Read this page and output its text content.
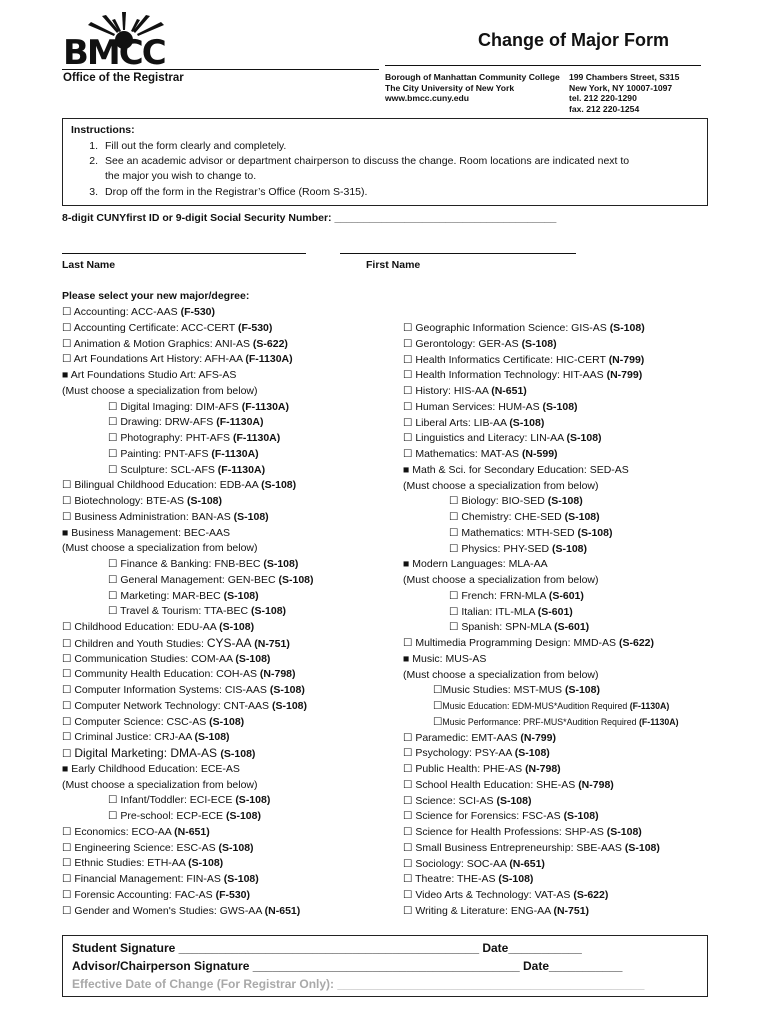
BMCC
Office of the Registrar
Change of Major Form
Borough of Manhattan Community College
The City University of New York
www.bmcc.cuny.edu
199 Chambers Street, S315
New York, NY 10007-1097
tel. 212 220-1290
fax. 212 220-1254
Instructions:
1. Fill out the form clearly and completely.
2. See an academic advisor or department chairperson to discuss the change. Room locations are indicated next to
the major you wish to change to.
3. Drop off the form in the Registrar’s Office (Room S-315).
8-digit CUNYfirst ID or 9-digit Social Security Number: ______________________________________
Last Name	First Name
Please select your new major/degree:
☐ Accounting: ACC-AAS (F-530)
☐ Accounting Certificate: ACC-CERT (F-530)
☐ Animation & Motion Graphics: ANI-AS (S-622)
☐ Art Foundations Art History: AFH-AA (F-1130A)
■ Art Foundations Studio Art: AFS-AS
(Must choose a specialization from below)
☐ Digital Imaging: DIM-AFS (F-1130A)
☐ Drawing: DRW-AFS (F-1130A)
☐ Photography: PHT-AFS (F-1130A)
☐ Painting: PNT-AFS (F-1130A)
☐ Sculpture: SCL-AFS (F-1130A)
☐ Bilingual Childhood Education: EDB-AA (S-108)
☐ Biotechnology: BTE-AS (S-108)
☐ Business Administration: BAN-AS (S-108)
■ Business Management: BEC-AAS
(Must choose a specialization from below)
☐ Finance & Banking: FNB-BEC (S-108)
☐ General Management: GEN-BEC (S-108)
☐ Marketing: MAR-BEC (S-108)
☐ Travel & Tourism: TTA-BEC (S-108)
☐ Childhood Education: EDU-AA (S-108)
☐ Children and Youth Studies: CYS-AA (N-751)
☐ Communication Studies: COM-AA (S-108)
☐ Community Health Education: COH-AS (N-798)
☐ Computer Information Systems: CIS-AAS (S-108)
☐ Computer Network Technology: CNT-AAS (S-108)
☐ Computer Science: CSC-AS (S-108)
☐ Criminal Justice: CRJ-AA (S-108)
☐ Digital Marketing: DMA-AS (S-108)
■ Early Childhood Education: ECE-AS
(Must choose a specialization from below)
☐ Infant/Toddler: ECI-ECE (S-108)
☐ Pre-school: ECP-ECE (S-108)
☐ Economics: ECO-AA (N-651)
☐ Engineering Science: ESC-AS (S-108)
☐ Ethnic Studies: ETH-AA (S-108)
☐ Financial Management: FIN-AS (S-108)
☐ Forensic Accounting: FAC-AS (F-530)
☐ Gender and Women's Studies: GWS-AA (N-651)
☐ Geographic Information Science: GIS-AS (S-108)
☐ Gerontology: GER-AS (S-108)
☐ Health Informatics Certificate: HIC-CERT (N-799)
☐ Health Information Technology: HIT-AAS (N-799)
☐ History: HIS-AA (N-651)
☐ Human Services: HUM-AS (S-108)
☐ Liberal Arts: LIB-AA (S-108)
☐ Linguistics and Literacy: LIN-AA (S-108)
☐ Mathematics: MAT-AS (N-599)
■ Math & Sci. for Secondary Education: SED-AS
(Must choose a specialization from below)
☐ Biology: BIO-SED (S-108)
☐ Chemistry: CHE-SED (S-108)
☐ Mathematics: MTH-SED (S-108)
☐ Physics: PHY-SED (S-108)
■ Modern Languages: MLA-AA
(Must choose a specialization from below)
☐ French: FRN-MLA (S-601)
☐ Italian: ITL-MLA (S-601)
☐ Spanish: SPN-MLA (S-601)
☐ Multimedia Programming Design: MMD-AS (S-622)
■ Music: MUS-AS
(Must choose a specialization from below)
☐Music Studies: MST-MUS (S-108)
☐Music Education: EDM-MUS*Audition Required (F-1130A)
☐Music Performance: PRF-MUS*Audition Required (F-1130A)
☐ Paramedic: EMT-AAS (N-799)
☐ Psychology: PSY-AA (S-108)
☐ Public Health: PHE-AS (N-798)
☐ School Health Education: SHE-AS (N-798)
☐ Science: SCI-AS (S-108)
☐ Science for Forensics: FSC-AS (S-108)
☐ Science for Health Professions: SHP-AS (S-108)
☐ Small Business Entrepreneurship: SBE-AAS (S-108)
☐ Sociology: SOC-AA (N-651)
☐ Theatre: THE-AS (S-108)
☐ Video Arts & Technology: VAT-AS (S-622)
☐ Writing & Literature: ENG-AA (N-751)
Student Signature _____________________________________________ Date___________
Advisor/Chairperson Signature ________________________________________ Date___________
Effective Date of Change (For Registrar Only): ______________________________________________
